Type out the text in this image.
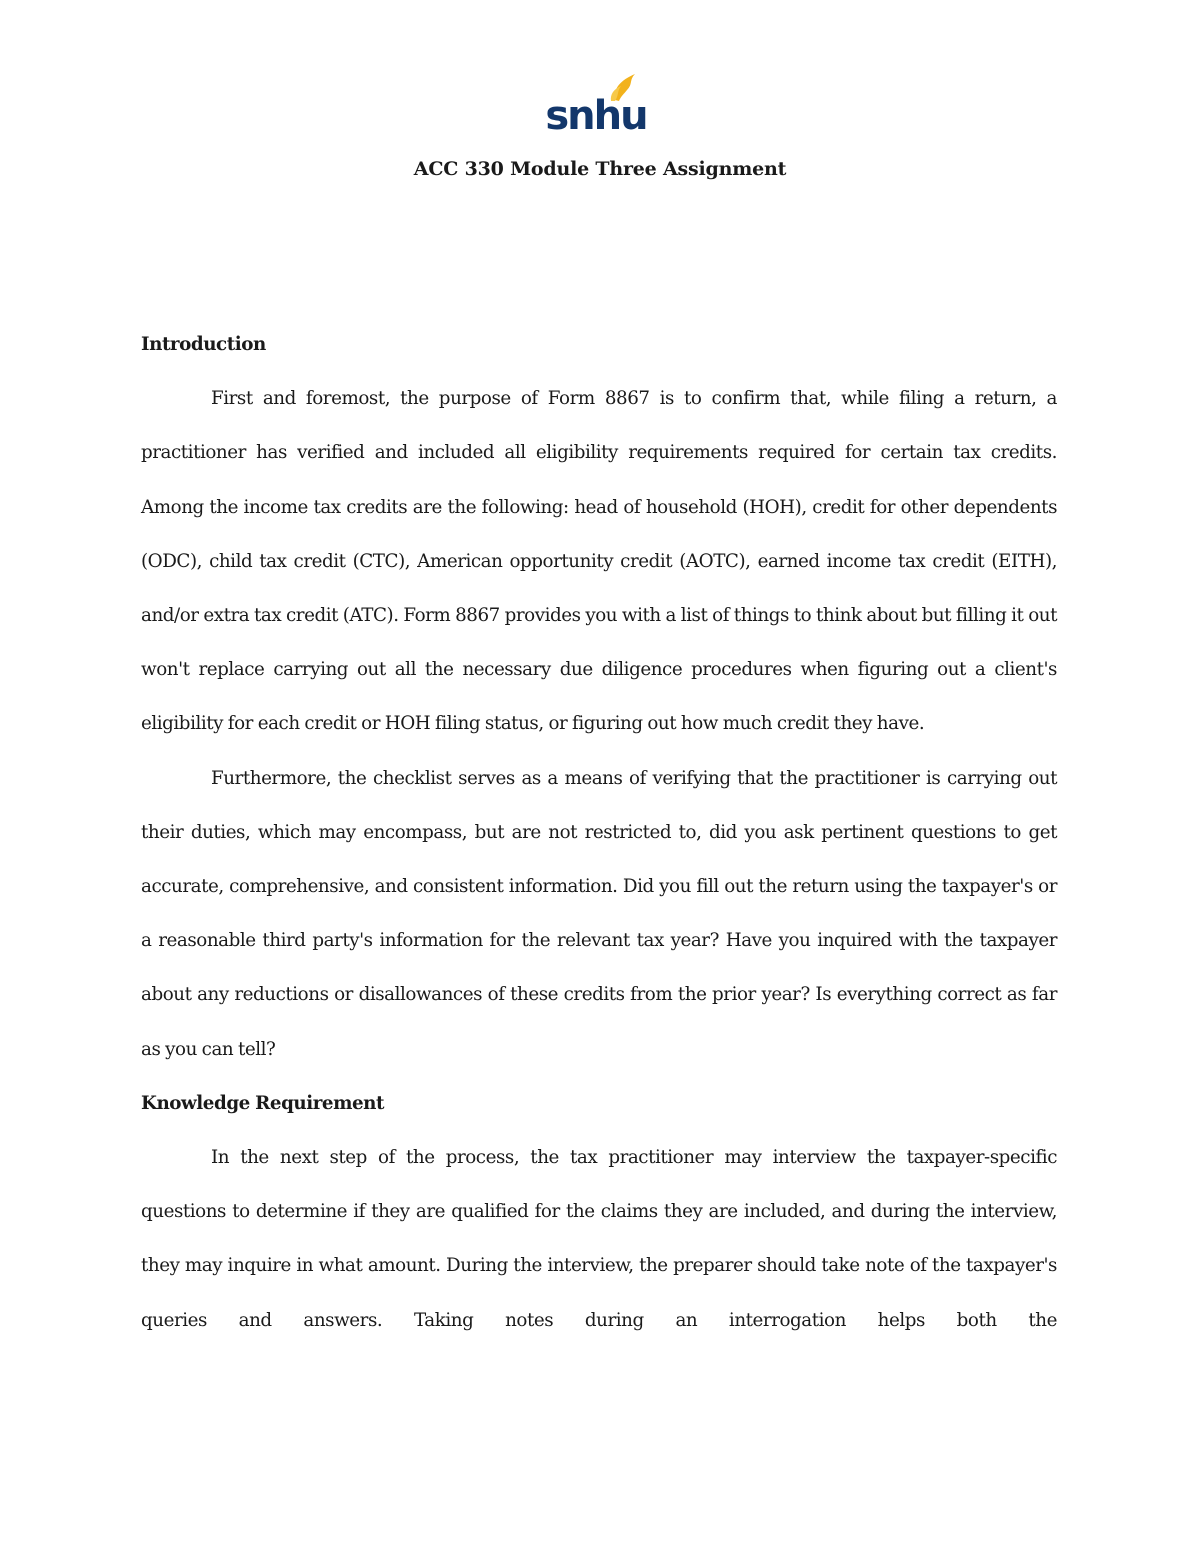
snhu
ACC 330 Module Three Assignment

Introduction

First and foremost, the purpose of Form 8867 is to confirm that, while filing a return, a practitioner has verified and included all eligibility requirements required for certain tax credits. Among the income tax credits are the following: head of household (HOH), credit for other dependents (ODC), child tax credit (CTC), American opportunity credit (AOTC), earned income tax credit (EITH), and/or extra tax credit (ATC). Form 8867 provides you with a list of things to think about but filling it out won't replace carrying out all the necessary due diligence procedures when figuring out a client's eligibility for each credit or HOH filing status, or figuring out how much credit they have.

Furthermore, the checklist serves as a means of verifying that the practitioner is carrying out their duties, which may encompass, but are not restricted to, did you ask pertinent questions to get accurate, comprehensive, and consistent information. Did you fill out the return using the taxpayer's or a reasonable third party's information for the relevant tax year? Have you inquired with the taxpayer about any reductions or disallowances of these credits from the prior year? Is everything correct as far as you can tell?

Knowledge Requirement

In the next step of the process, the tax practitioner may interview the taxpayer-specific questions to determine if they are qualified for the claims they are included, and during the interview, they may inquire in what amount. During the interview, the preparer should take note of the taxpayer's queries and answers. Taking notes during an interrogation helps both the
